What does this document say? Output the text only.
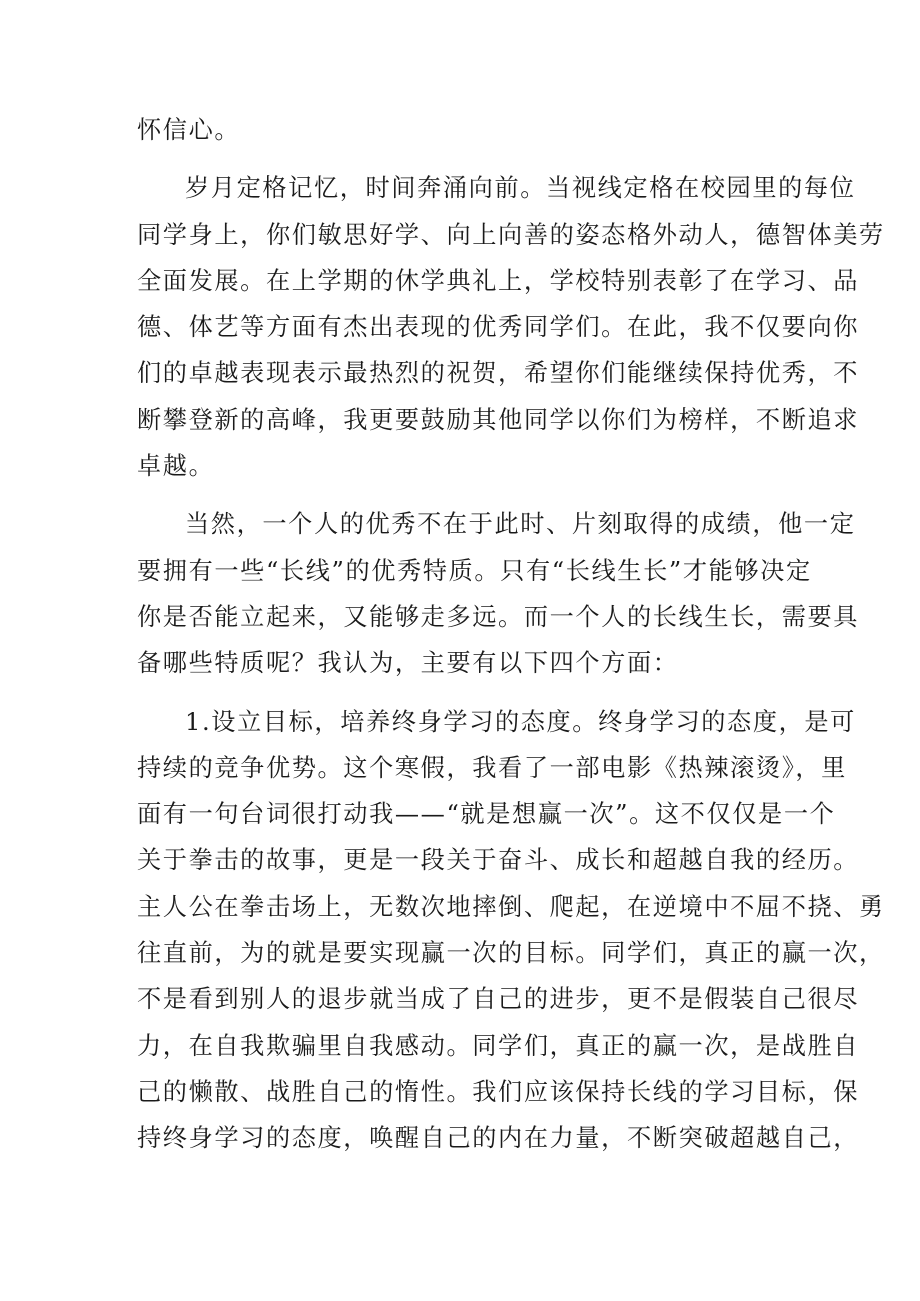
怀信心。
岁月定格记忆，时间奔涌向前。当视线定格在校园里的每位
同学身上，你们敏思好学、向上向善的姿态格外动人，德智体美劳
全面发展。在上学期的休学典礼上，学校特别表彰了在学习、品
德、体艺等方面有杰出表现的优秀同学们。在此，我不仅要向你
们的卓越表现表示最热烈的祝贺，希望你们能继续保持优秀，不
断攀登新的高峰，我更要鼓励其他同学以你们为榜样，不断追求
卓越。
当然，一个人的优秀不在于此时、片刻取得的成绩，他一定
要拥有一些“长线”的优秀特质。只有“长线生长”才能够决定
你是否能立起来，又能够走多远。而一个人的长线生长，需要具
备哪些特质呢？我认为，主要有以下四个方面：
1.设立目标，培养终身学习的态度。终身学习的态度，是可
持续的竞争优势。这个寒假，我看了一部电影《热辣滚烫》，里
面有一句台词很打动我——“就是想赢一次”。这不仅仅是一个
关于拳击的故事，更是一段关于奋斗、成长和超越自我的经历。
主人公在拳击场上，无数次地摔倒、爬起，在逆境中不屈不挠、勇
往直前，为的就是要实现赢一次的目标。同学们，真正的赢一次，
不是看到别人的退步就当成了自己的进步，更不是假装自己很尽
力，在自我欺骗里自我感动。同学们，真正的赢一次，是战胜自
己的懒散、战胜自己的惰性。我们应该保持长线的学习目标，保
持终身学习的态度，唤醒自己的内在力量，不断突破超越自己，
